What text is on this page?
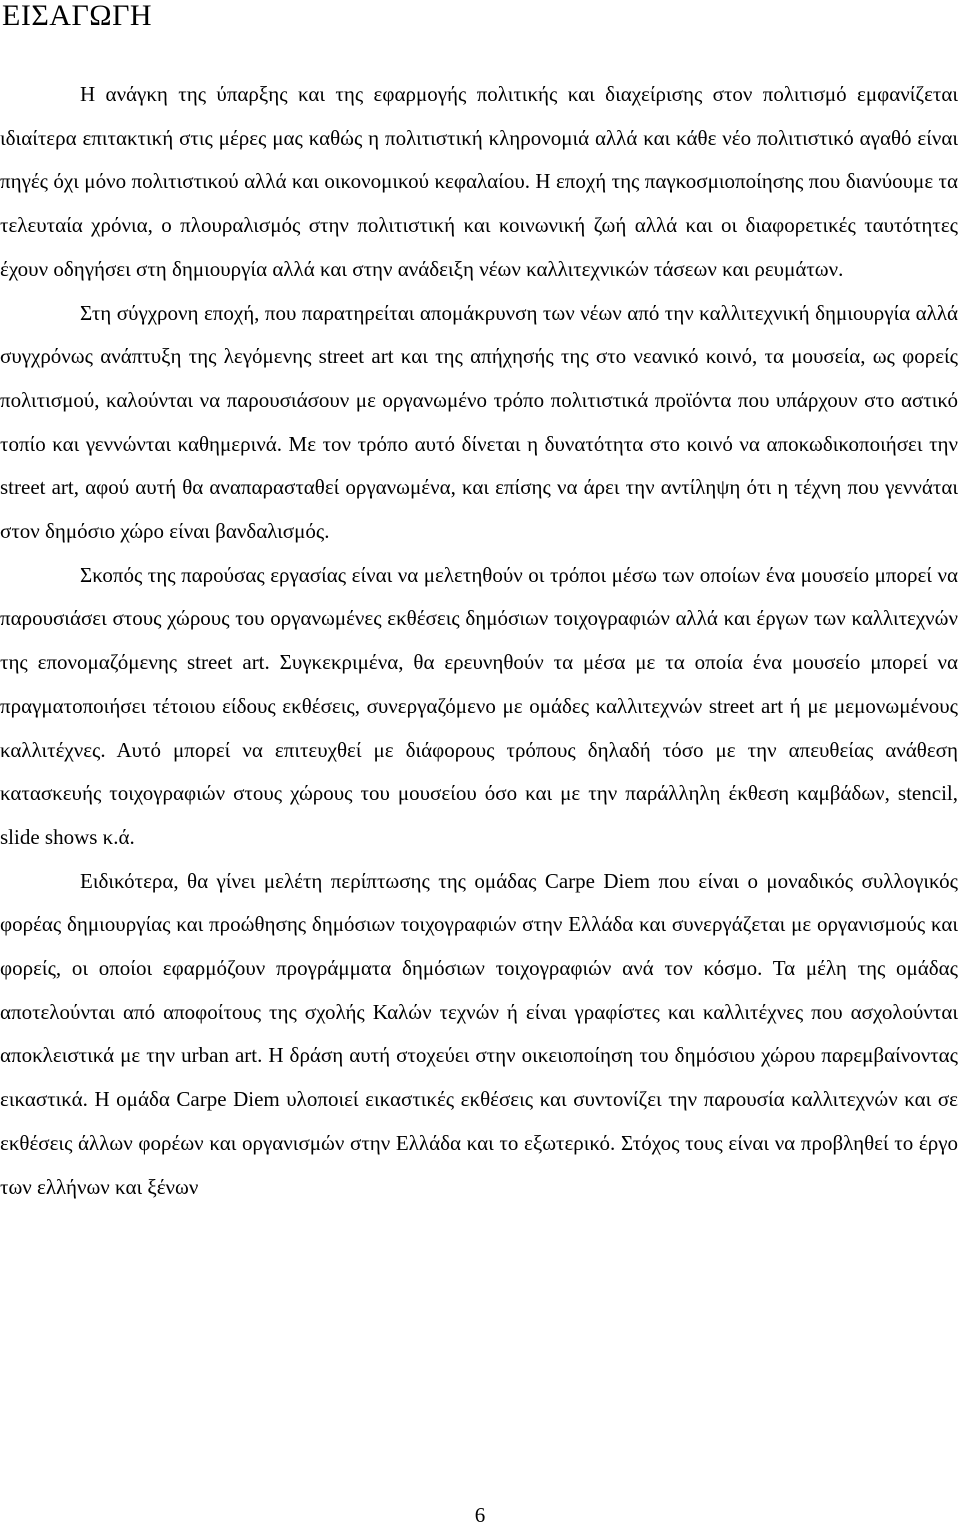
ΕΙΣΑΓΩΓΗ

Η ανάγκη της ύπαρξης και της εφαρμογής πολιτικής και διαχείρισης στον πολιτισμό εμφανίζεται ιδιαίτερα επιτακτική στις μέρες μας καθώς η πολιτιστική κληρονομιά αλλά και κάθε νέο πολιτιστικό αγαθό είναι πηγές όχι μόνο πολιτιστικού αλλά και οικονομικού κεφαλαίου. Η εποχή της παγκοσμιοποίησης που διανύουμε τα τελευταία χρόνια, ο πλουραλισμός στην πολιτιστική και κοινωνική ζωή αλλά και οι διαφορετικές ταυτότητες έχουν οδηγήσει στη δημιουργία αλλά και στην ανάδειξη νέων καλλιτεχνικών τάσεων και ρευμάτων.

Στη σύγχρονη εποχή, που παρατηρείται απομάκρυνση των νέων από την καλλιτεχνική δημιουργία αλλά συγχρόνως ανάπτυξη της λεγόμενης street art και της απήχησής της στο νεανικό κοινό, τα μουσεία, ως φορείς πολιτισμού, καλούνται να παρουσιάσουν με οργανωμένο τρόπο πολιτιστικά προϊόντα που υπάρχουν στο αστικό τοπίο και γεννώνται καθημερινά. Με τον τρόπο αυτό δίνεται η δυνατότητα στο κοινό να αποκωδικοποιήσει την street art, αφού αυτή θα αναπαρασταθεί οργανωμένα, και επίσης να άρει την αντίληψη ότι η τέχνη που γεννάται στον δημόσιο χώρο είναι βανδαλισμός.

Σκοπός της παρούσας εργασίας είναι να μελετηθούν οι τρόποι μέσω των οποίων ένα μουσείο μπορεί να παρουσιάσει στους χώρους του οργανωμένες εκθέσεις δημόσιων τοιχογραφιών αλλά και έργων των καλλιτεχνών της επονομαζόμενης street art. Συγκεκριμένα, θα ερευνηθούν τα μέσα με τα οποία ένα μουσείο μπορεί να πραγματοποιήσει τέτοιου είδους εκθέσεις, συνεργαζόμενο με ομάδες καλλιτεχνών street art ή με μεμονωμένους καλλιτέχνες. Αυτό μπορεί να επιτευχθεί με διάφορους τρόπους δηλαδή τόσο με την απευθείας ανάθεση κατασκευής τοιχογραφιών στους χώρους του μουσείου όσο και με την παράλληλη έκθεση καμβάδων, stencil, slide shows κ.ά.

Ειδικότερα, θα γίνει μελέτη περίπτωσης της ομάδας Carpe Diem που είναι ο μοναδικός συλλογικός φορέας δημιουργίας και προώθησης δημόσιων τοιχογραφιών στην Ελλάδα και συνεργάζεται με οργανισμούς και φορείς, οι οποίοι εφαρμόζουν προγράμματα δημόσιων τοιχογραφιών ανά τον κόσμο. Τα μέλη της ομάδας αποτελούνται από αποφοίτους της σχολής Καλών τεχνών ή είναι γραφίστες και καλλιτέχνες που ασχολούνται αποκλειστικά με την urban art. Η δράση αυτή στοχεύει στην οικειοποίηση του δημόσιου χώρου παρεμβαίνοντας εικαστικά. Η ομάδα Carpe Diem υλοποιεί εικαστικές εκθέσεις και συντονίζει την παρουσία καλλιτεχνών και σε εκθέσεις άλλων φορέων και οργανισμών στην Ελλάδα και το εξωτερικό. Στόχος τους είναι να προβληθεί το έργο των ελλήνων και ξένων

6
